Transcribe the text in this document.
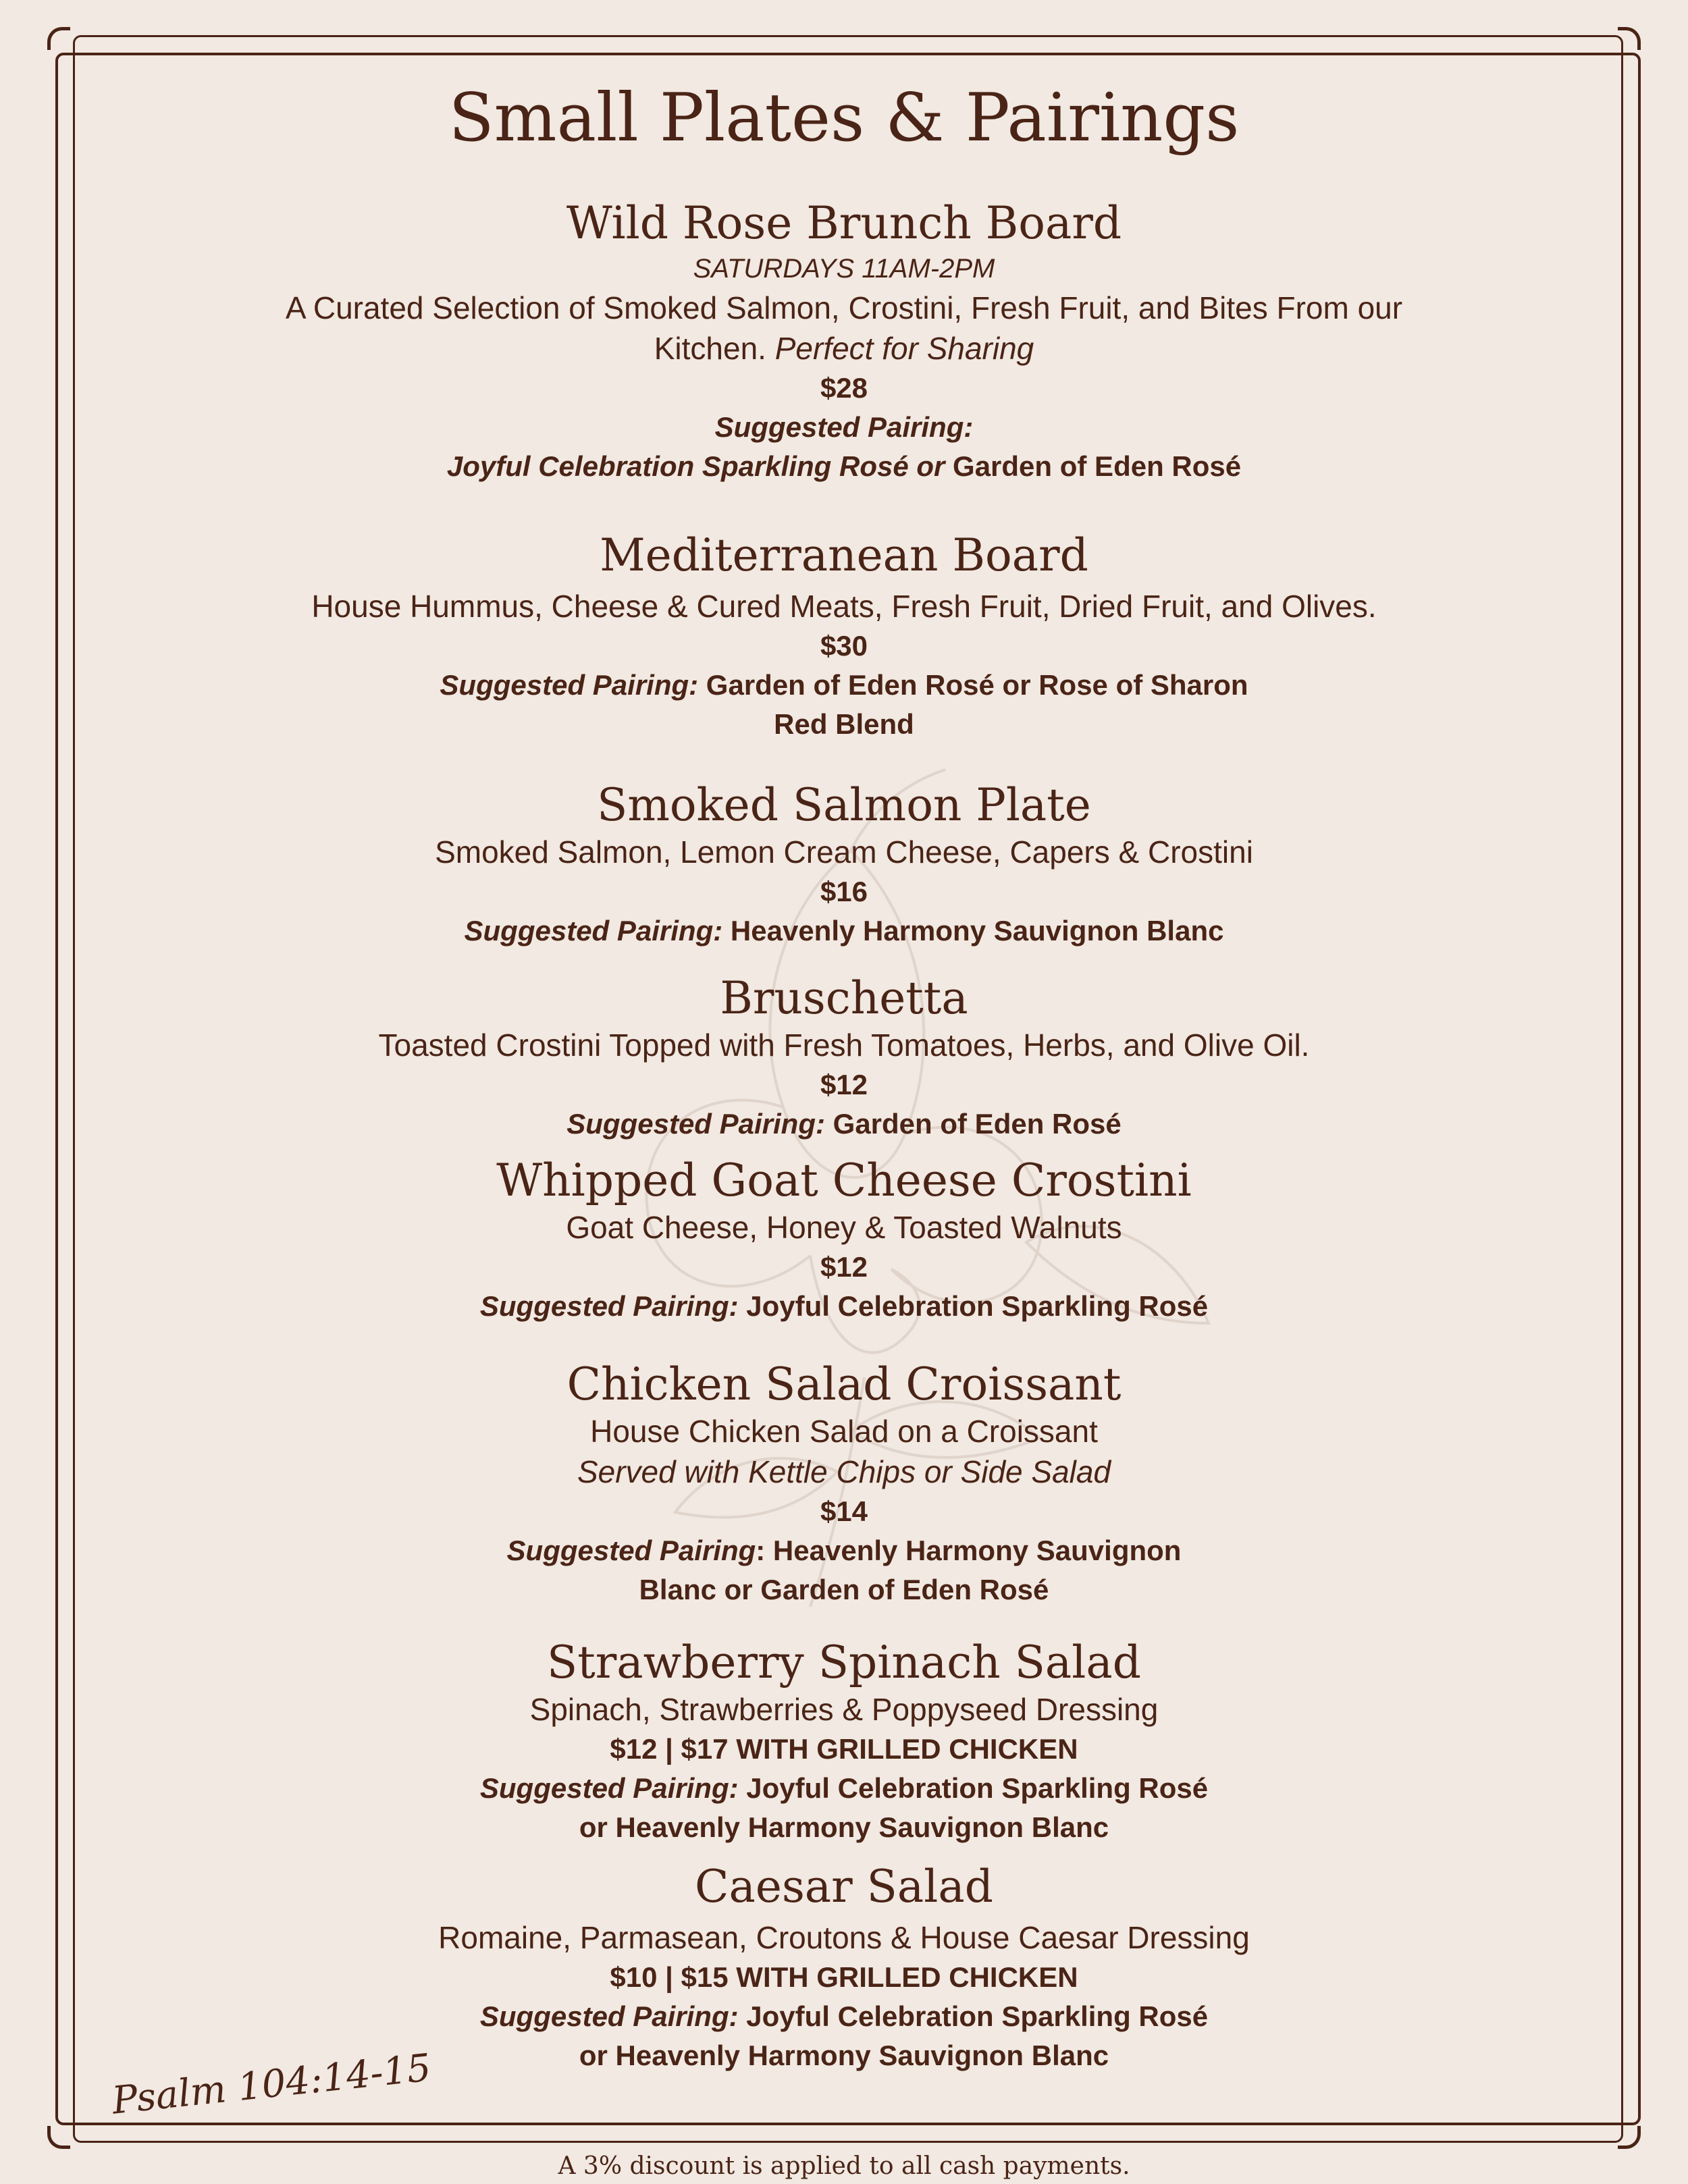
Small Plates & Pairings
Wild Rose Brunch Board
SATURDAYS 11AM-2PM
A Curated Selection of Smoked Salmon, Crostini, Fresh Fruit, and Bites From our
Kitchen. Perfect for Sharing
$28
Suggested Pairing:
Joyful Celebration Sparkling Rosé or Garden of Eden Rosé
Mediterranean Board
House Hummus, Cheese & Cured Meats, Fresh Fruit, Dried Fruit, and Olives.
$30
Suggested Pairing: Garden of Eden Rosé or Rose of Sharon
Red Blend
Smoked Salmon Plate
Smoked Salmon, Lemon Cream Cheese, Capers & Crostini
$16
Suggested Pairing: Heavenly Harmony Sauvignon Blanc
Bruschetta
Toasted Crostini Topped with Fresh Tomatoes, Herbs, and Olive Oil.
$12
Suggested Pairing: Garden of Eden Rosé
Whipped Goat Cheese Crostini
Goat Cheese, Honey & Toasted Walnuts
$12
Suggested Pairing: Joyful Celebration Sparkling Rosé
Chicken Salad Croissant
House Chicken Salad on a Croissant
Served with Kettle Chips or Side Salad
$14
Suggested Pairing: Heavenly Harmony Sauvignon
Blanc or Garden of Eden Rosé
Strawberry Spinach Salad
Spinach, Strawberries & Poppyseed Dressing
$12 | $17 WITH GRILLED CHICKEN
Suggested Pairing: Joyful Celebration Sparkling Rosé
or Heavenly Harmony Sauvignon Blanc
Caesar Salad
Romaine, Parmasean, Croutons & House Caesar Dressing
$10 | $15 WITH GRILLED CHICKEN
Suggested Pairing: Joyful Celebration Sparkling Rosé
or Heavenly Harmony Sauvignon Blanc
Psalm 104:14-15
A 3% discount is applied to all cash payments.
